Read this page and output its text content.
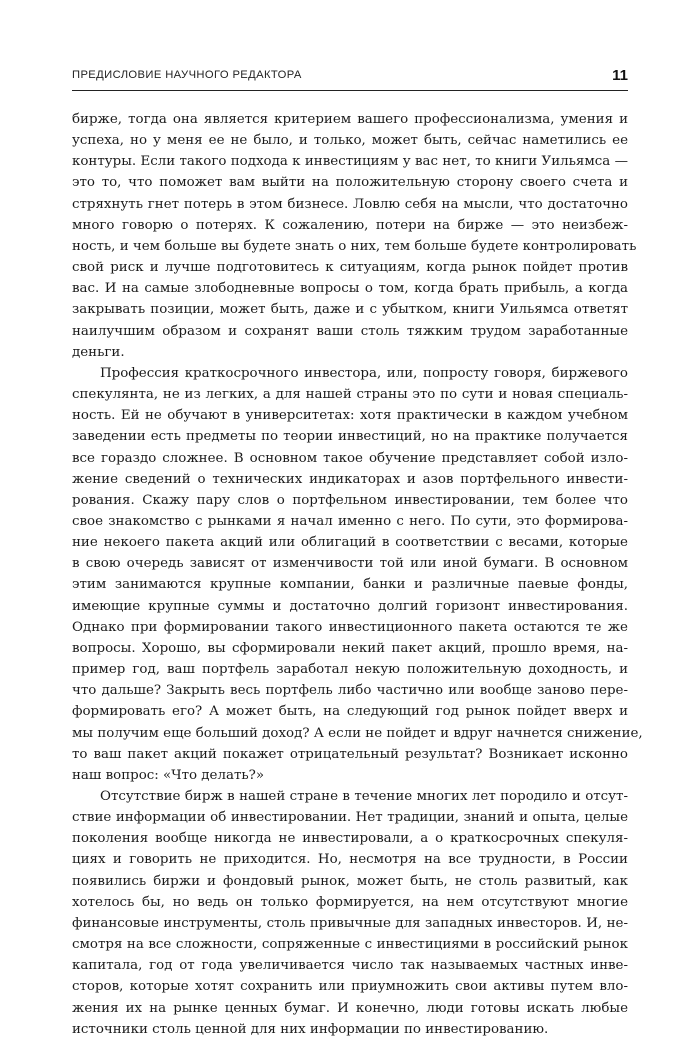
ПРЕДИСЛОВИЕ НАУЧНОГО РЕДАКТОРА	11
бирже, тогда она является критерием вашего профессионализма, умения и
успеха, но у меня ее не было, и только, может быть, сейчас наметились ее
контуры. Если такого подхода к инвестициям у вас нет, то книги Уильямса —
это то, что поможет вам выйти на положительную сторону своего счета и
стряхнуть гнет потерь в этом бизнесе. Ловлю себя на мысли, что достаточно
много говорю о потерях. К сожалению, потери на бирже — это неизбеж-
ность, и чем больше вы будете знать о них, тем больше будете контролировать
свой риск и лучше подготовитесь к ситуациям, когда рынок пойдет против
вас. И на самые злободневные вопросы о том, когда брать прибыль, а когда
закрывать позиции, может быть, даже и с убытком, книги Уильямса ответят
наилучшим образом и сохранят ваши столь тяжким трудом заработанные
деньги.
Профессия краткосрочного инвестора, или, попросту говоря, биржевого
спекулянта, не из легких, а для нашей страны это по сути и новая специаль-
ность. Ей не обучают в университетах: хотя практически в каждом учебном
заведении есть предметы по теории инвестиций, но на практике получается
все гораздо сложнее. В основном такое обучение представляет собой изло-
жение сведений о технических индикаторах и азов портфельного инвести-
рования. Скажу пару слов о портфельном инвестировании, тем более что
свое знакомство с рынками я начал именно с него. По сути, это формирова-
ние некоего пакета акций или облигаций в соответствии с весами, которые
в свою очередь зависят от изменчивости той или иной бумаги. В основном
этим занимаются крупные компании, банки и различные паевые фонды,
имеющие крупные суммы и достаточно долгий горизонт инвестирования.
Однако при формировании такого инвестиционного пакета остаются те же
вопросы. Хорошо, вы сформировали некий пакет акций, прошло время, на-
пример год, ваш портфель заработал некую положительную доходность, и
что дальше? Закрыть весь портфель либо частично или вообще заново пере-
формировать его? А может быть, на следующий год рынок пойдет вверх и
мы получим еще больший доход? А если не пойдет и вдруг начнется снижение,
то ваш пакет акций покажет отрицательный результат? Возникает исконно
наш вопрос: «Что делать?»
Отсутствие бирж в нашей стране в течение многих лет породило и отсут-
ствие информации об инвестировании. Нет традиции, знаний и опыта, целые
поколения вообще никогда не инвестировали, а о краткосрочных спекуля-
циях и говорить не приходится. Но, несмотря на все трудности, в России
появились биржи и фондовый рынок, может быть, не столь развитый, как
хотелось бы, но ведь он только формируется, на нем отсутствуют многие
финансовые инструменты, столь привычные для западных инвесторов. И, не-
смотря на все сложности, сопряженные с инвестициями в российский рынок
капитала, год от года увеличивается число так называемых частных инве-
сторов, которые хотят сохранить или приумножить свои активы путем вло-
жения их на рынке ценных бумаг. И конечно, люди готовы искать любые
источники столь ценной для них информации по инвестированию.
